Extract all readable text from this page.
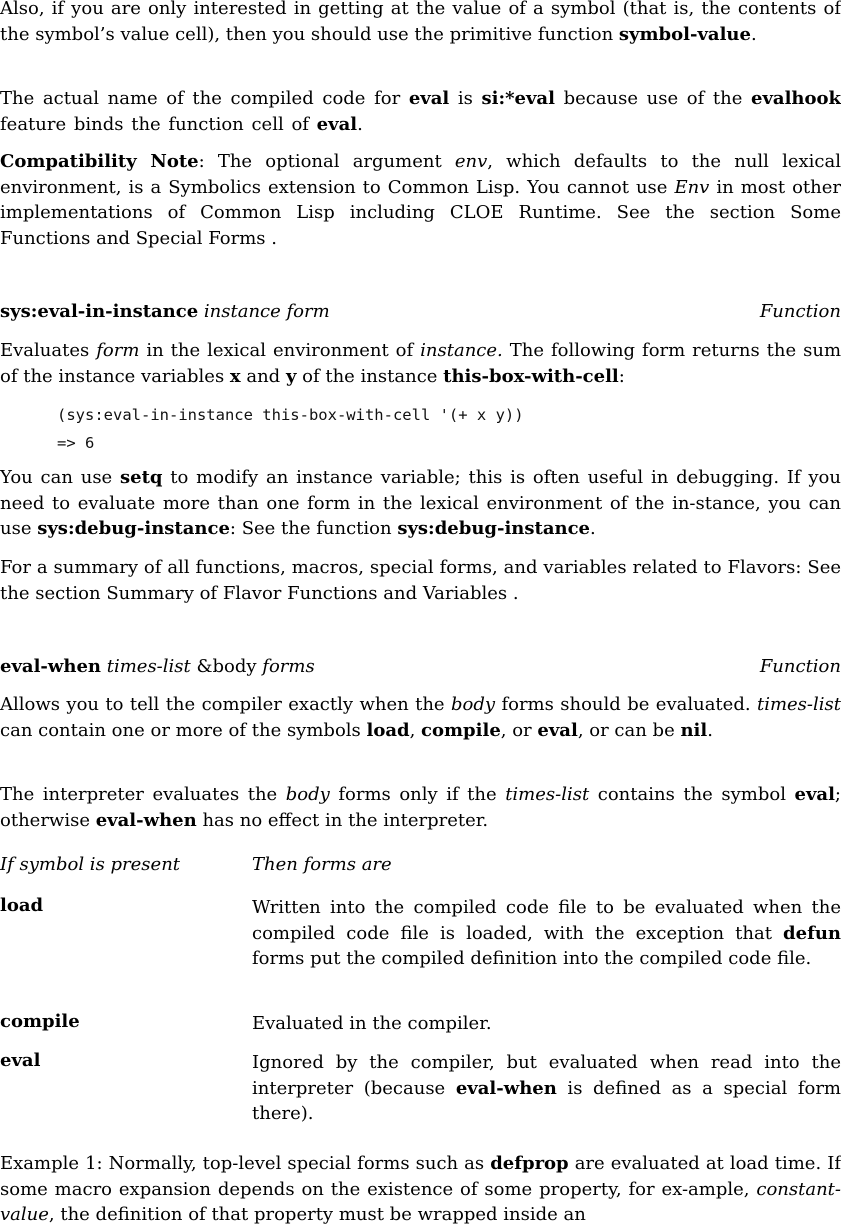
Also, if you are only interested in getting at the value of a symbol (that is, the contents of the symbol’s value cell), then you should use the primitive function symbol-value.

The actual name of the compiled code for eval is si:*eval because use of the evalhook feature binds the function cell of eval.

Compatibility Note: The optional argument env, which defaults to the null lexical environment, is a Symbolics extension to Common Lisp. You cannot use Env in most other implementations of Common Lisp including CLOE Runtime. See the section Some Functions and Special Forms .

sys:eval-in-instance instance form	Function

Evaluates form in the lexical environment of instance. The following form returns the sum of the instance variables x and y of the instance this-box-with-cell:

(sys:eval-in-instance this-box-with-cell '(+ x y))
=> 6

You can use setq to modify an instance variable; this is often useful in debugging. If you need to evaluate more than one form in the lexical environment of the in-stance, you can use sys:debug-instance: See the function sys:debug-instance.

For a summary of all functions, macros, special forms, and variables related to Flavors: See the section Summary of Flavor Functions and Variables .

eval-when times-list &body forms	Function

Allows you to tell the compiler exactly when the body forms should be evaluated. times-list can contain one or more of the symbols load, compile, or eval, or can be nil.

The interpreter evaluates the body forms only if the times-list contains the symbol eval; otherwise eval-when has no effect in the interpreter.

If symbol is present	Then forms are
load	Written into the compiled code file to be evaluated when the compiled code file is loaded, with the exception that defun forms put the compiled definition into the compiled code file.

compile	Evaluated in the compiler.

eval	Ignored by the compiler, but evaluated when read into the interpreter (because eval-when is defined as a special form there).

Example 1: Normally, top-level special forms such as defprop are evaluated at load time. If some macro expansion depends on the existence of some property, for ex-ample, constant-value, the definition of that property must be wrapped inside an
